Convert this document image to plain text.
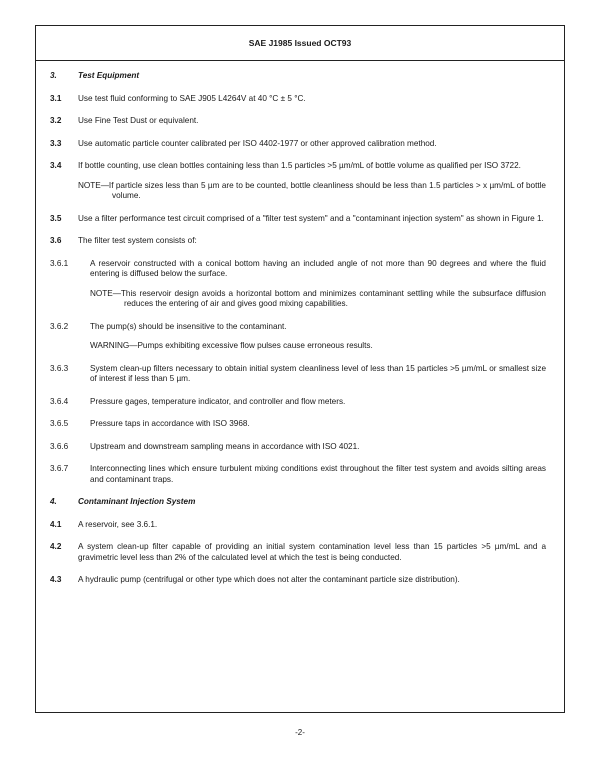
SAE J1985 Issued OCT93
3.	Test Equipment
3.1	Use test fluid conforming to SAE J905 L4264V at 40 °C ± 5 °C.
3.2	Use Fine Test Dust or equivalent.
3.3	Use automatic particle counter calibrated per ISO 4402-1977 or other approved calibration method.
3.4	If bottle counting, use clean bottles containing less than 1.5 particles >5 µm/mL of bottle volume as qualified per ISO 3722.
NOTE—If particle sizes less than 5 µm are to be counted, bottle cleanliness should be less than 1.5 particles > x µm/mL of bottle volume.
3.5	Use a filter performance test circuit comprised of a "filter test system" and a "contaminant injection system" as shown in Figure 1.
3.6	The filter test system consists of:
3.6.1	A reservoir constructed with a conical bottom having an included angle of not more than 90 degrees and where the fluid entering is diffused below the surface.
NOTE—This reservoir design avoids a horizontal bottom and minimizes contaminant settling while the subsurface diffusion reduces the entering of air and gives good mixing capabilities.
3.6.2	The pump(s) should be insensitive to the contaminant.
WARNING—Pumps exhibiting excessive flow pulses cause erroneous results.
3.6.3	System clean-up filters necessary to obtain initial system cleanliness level of less than 15 particles >5 µm/mL or smallest size of interest if less than 5 µm.
3.6.4	Pressure gages, temperature indicator, and controller and flow meters.
3.6.5	Pressure taps in accordance with ISO 3968.
3.6.6	Upstream and downstream sampling means in accordance with ISO 4021.
3.6.7	Interconnecting lines which ensure turbulent mixing conditions exist throughout the filter test system and avoids silting areas and contaminant traps.
4.	Contaminant Injection System
4.1	A reservoir, see 3.6.1.
4.2	A system clean-up filter capable of providing an initial system contamination level less than 15 particles >5 µm/mL and a gravimetric level less than 2% of the calculated level at which the test is being conducted.
4.3	A hydraulic pump (centrifugal or other type which does not alter the contaminant particle size distribution).
-2-
